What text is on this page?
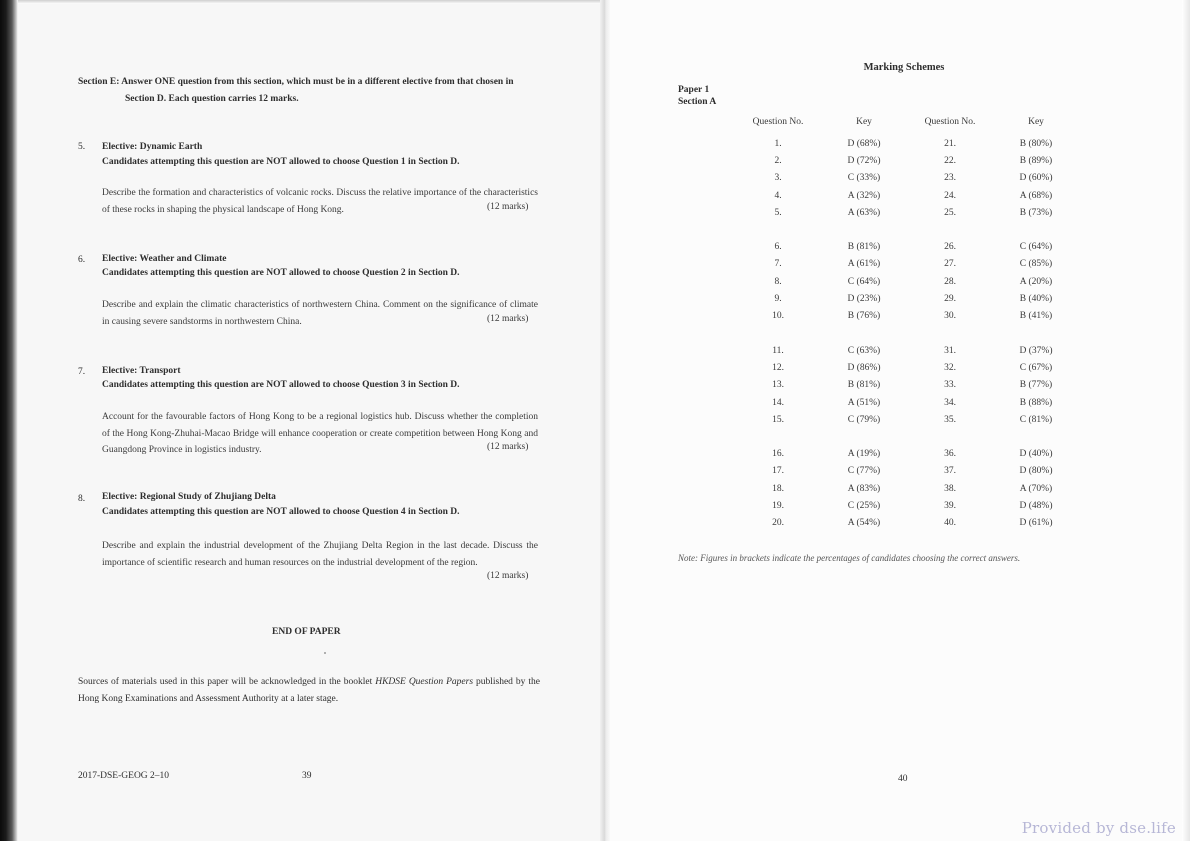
Section E: Answer ONE question from this section, which must be in a different elective from that chosen in
Section D. Each question carries 12 marks.
5. Elective: Dynamic Earth
Candidates attempting this question are NOT allowed to choose Question 1 in Section D.
Describe the formation and characteristics of volcanic rocks. Discuss the relative importance of the characteristics of these rocks in shaping the physical landscape of Hong Kong.	(12 marks)
6. Elective: Weather and Climate
Candidates attempting this question are NOT allowed to choose Question 2 in Section D.
Describe and explain the climatic characteristics of northwestern China. Comment on the significance of climate in causing severe sandstorms in northwestern China.	(12 marks)
7. Elective: Transport
Candidates attempting this question are NOT allowed to choose Question 3 in Section D.
Account for the favourable factors of Hong Kong to be a regional logistics hub. Discuss whether the completion of the Hong Kong-Zhuhai-Macao Bridge will enhance cooperation or create competition between Hong Kong and Guangdong Province in logistics industry.	(12 marks)
8. Elective: Regional Study of Zhujiang Delta
Candidates attempting this question are NOT allowed to choose Question 4 in Section D.
Describe and explain the industrial development of the Zhujiang Delta Region in the last decade. Discuss the importance of scientific research and human resources on the industrial development of the region.
(12 marks)
END OF PAPER
Sources of materials used in this paper will be acknowledged in the booklet HKDSE Question Papers published by the Hong Kong Examinations and Assessment Authority at a later stage.
2017-DSE-GEOG 2–10	39
Marking Schemes
Paper 1
Section A
Question No.	Key	Question No.	Key
1.	D (68%)	21.	B (80%)
2.	D (72%)	22.	B (89%)
3.	C (33%)	23.	D (60%)
4.	A (32%)	24.	A (68%)
5.	A (63%)	25.	B (73%)

6.	B (81%)	26.	C (64%)
7.	A (61%)	27.	C (85%)
8.	C (64%)	28.	A (20%)
9.	D (23%)	29.	B (40%)
10.	B (76%)	30.	B (41%)

11.	C (63%)	31.	D (37%)
12.	D (86%)	32.	C (67%)
13.	B (81%)	33.	B (77%)
14.	A (51%)	34.	B (88%)
15.	C (79%)	35.	C (81%)

16.	A (19%)	36.	D (40%)
17.	C (77%)	37.	D (80%)
18.	A (83%)	38.	A (70%)
19.	C (25%)	39.	D (48%)
20.	A (54%)	40.	D (61%)
Note: Figures in brackets indicate the percentages of candidates choosing the correct answers.
40
Provided by dse.life
